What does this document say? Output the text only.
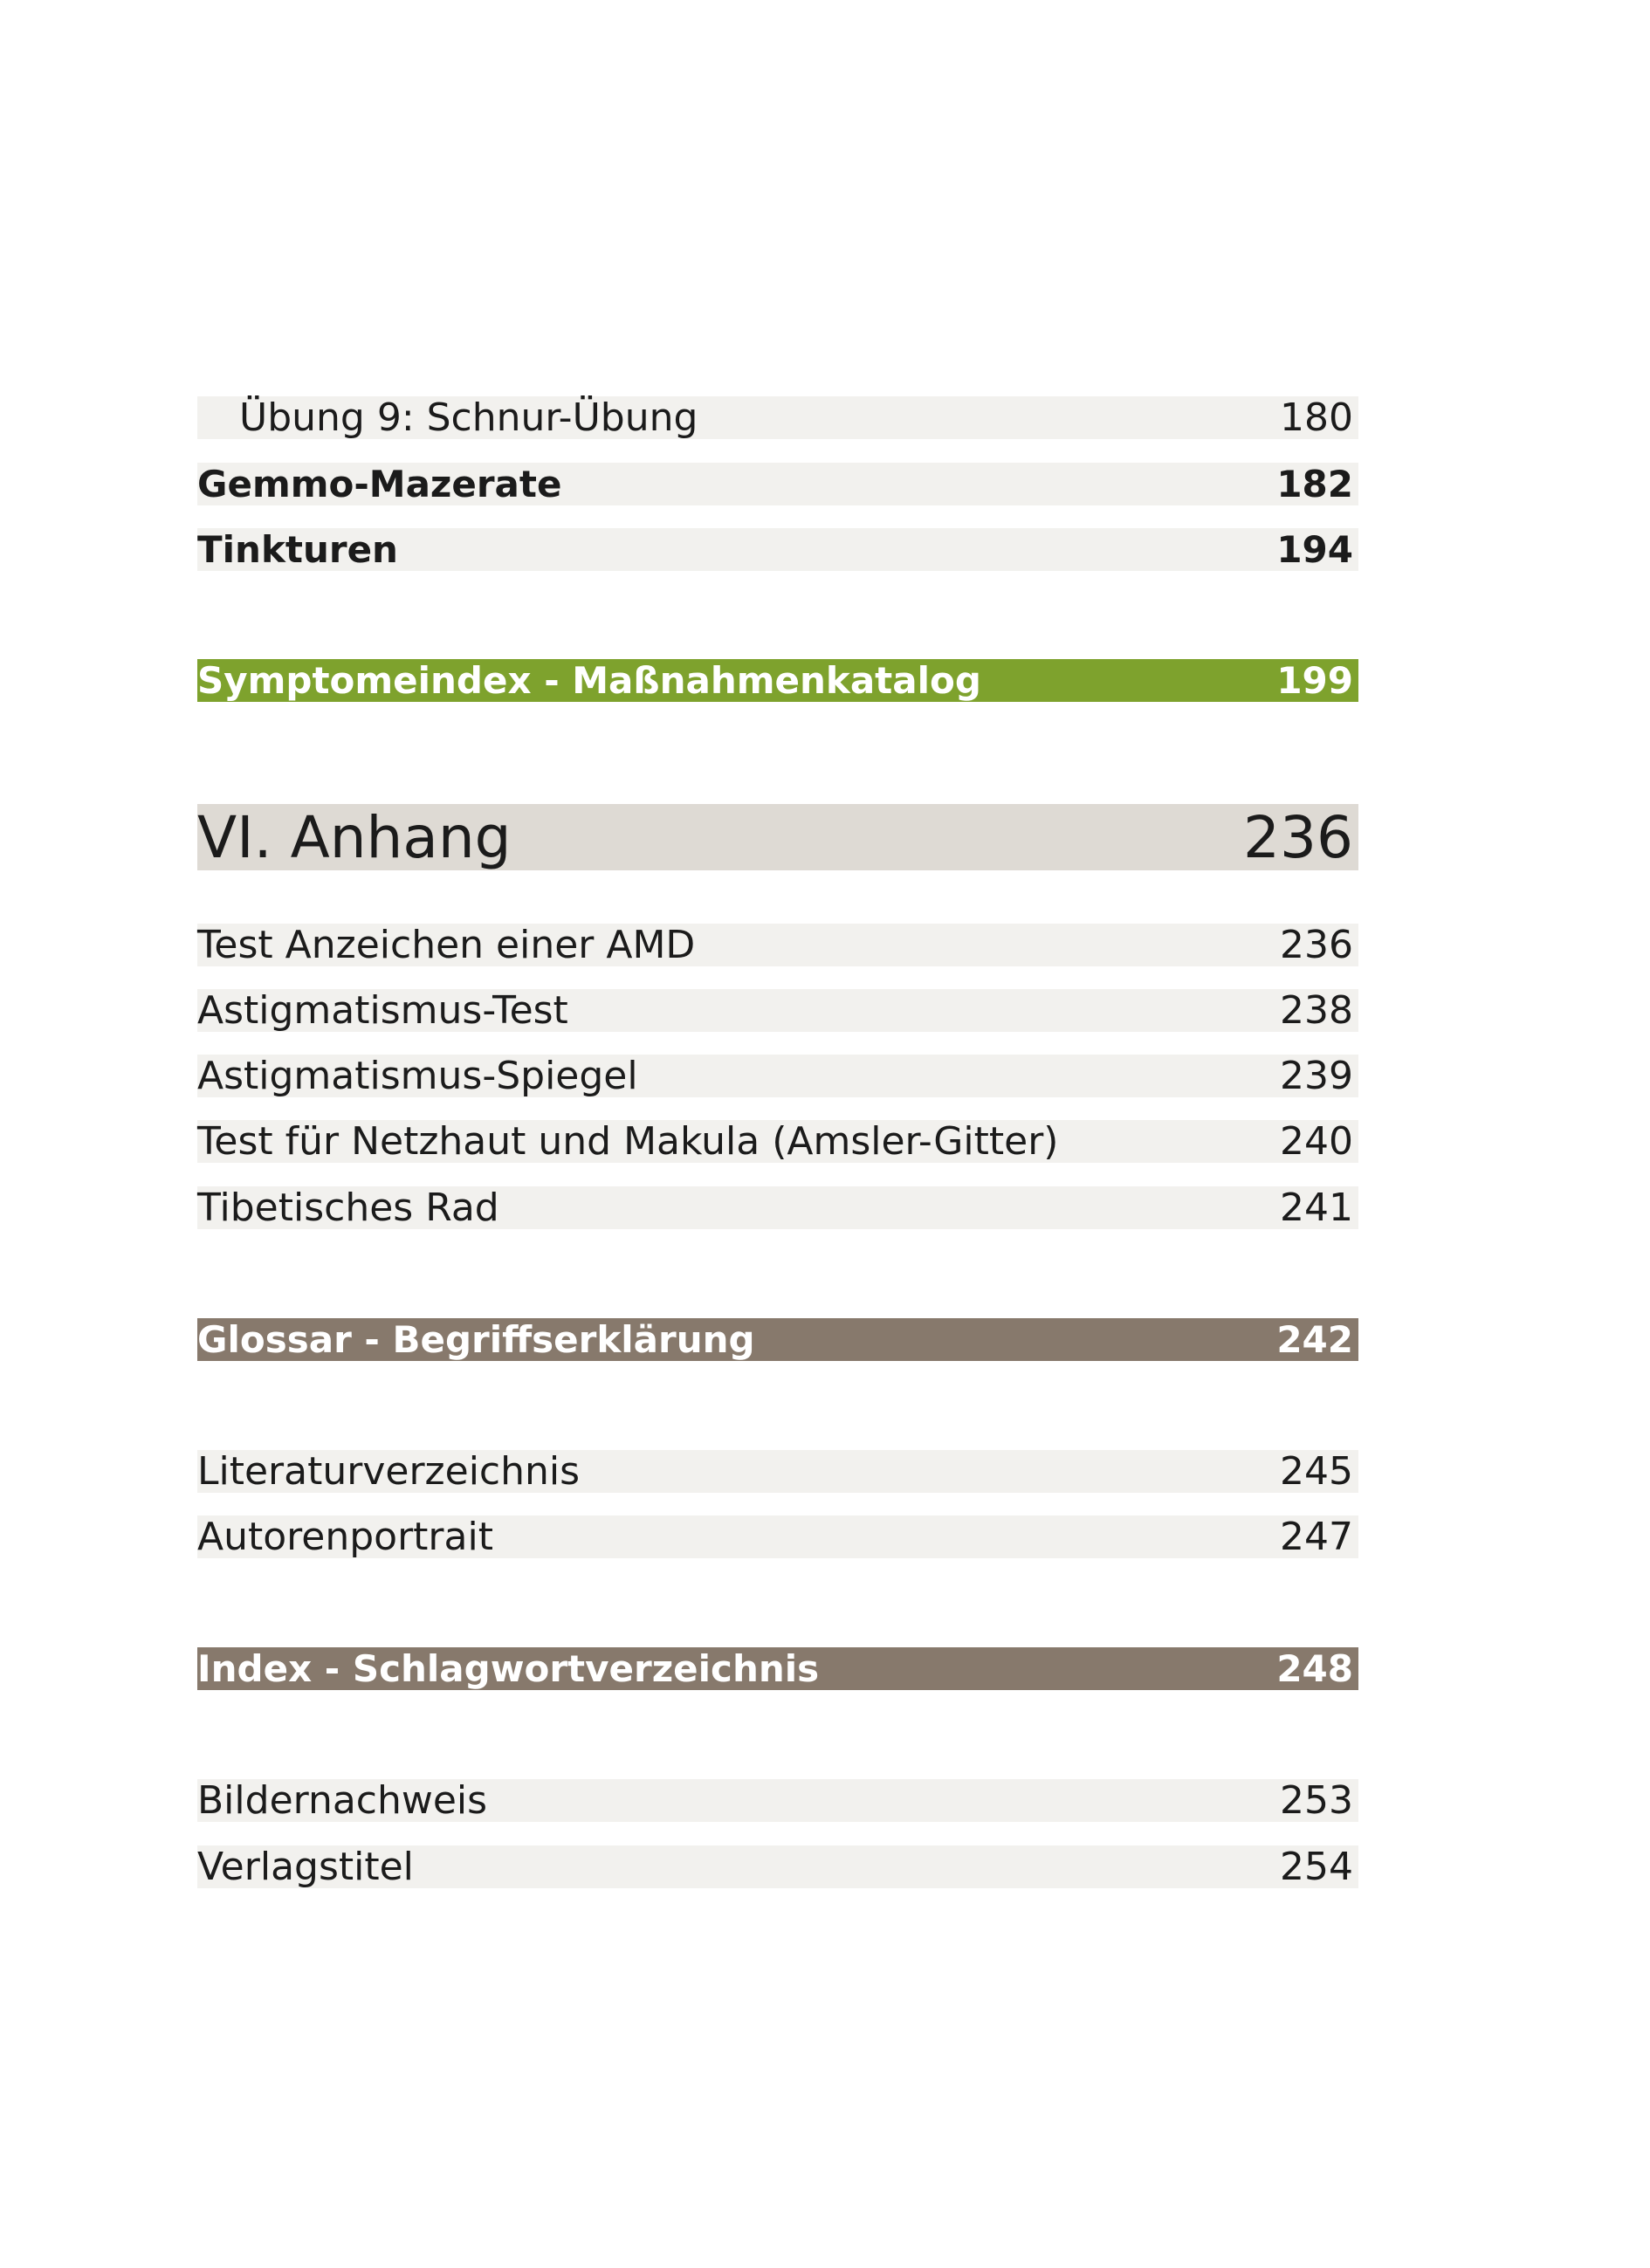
Übung 9: Schnur-Übung	180
Gemmo-Mazerate	182
Tinkturen	194
Symptomeindex - Maßnahmenkatalog	199
VI. Anhang	236
Test Anzeichen einer AMD	236
Astigmatismus-Test	238
Astigmatismus-Spiegel	239
Test für Netzhaut und Makula (Amsler-Gitter)	240
Tibetisches Rad	241
Glossar - Begriffserklärung	242
Literaturverzeichnis	245
Autorenportrait	247
Index - Schlagwortverzeichnis	248
Bildernachweis	253
Verlagstitel	254
